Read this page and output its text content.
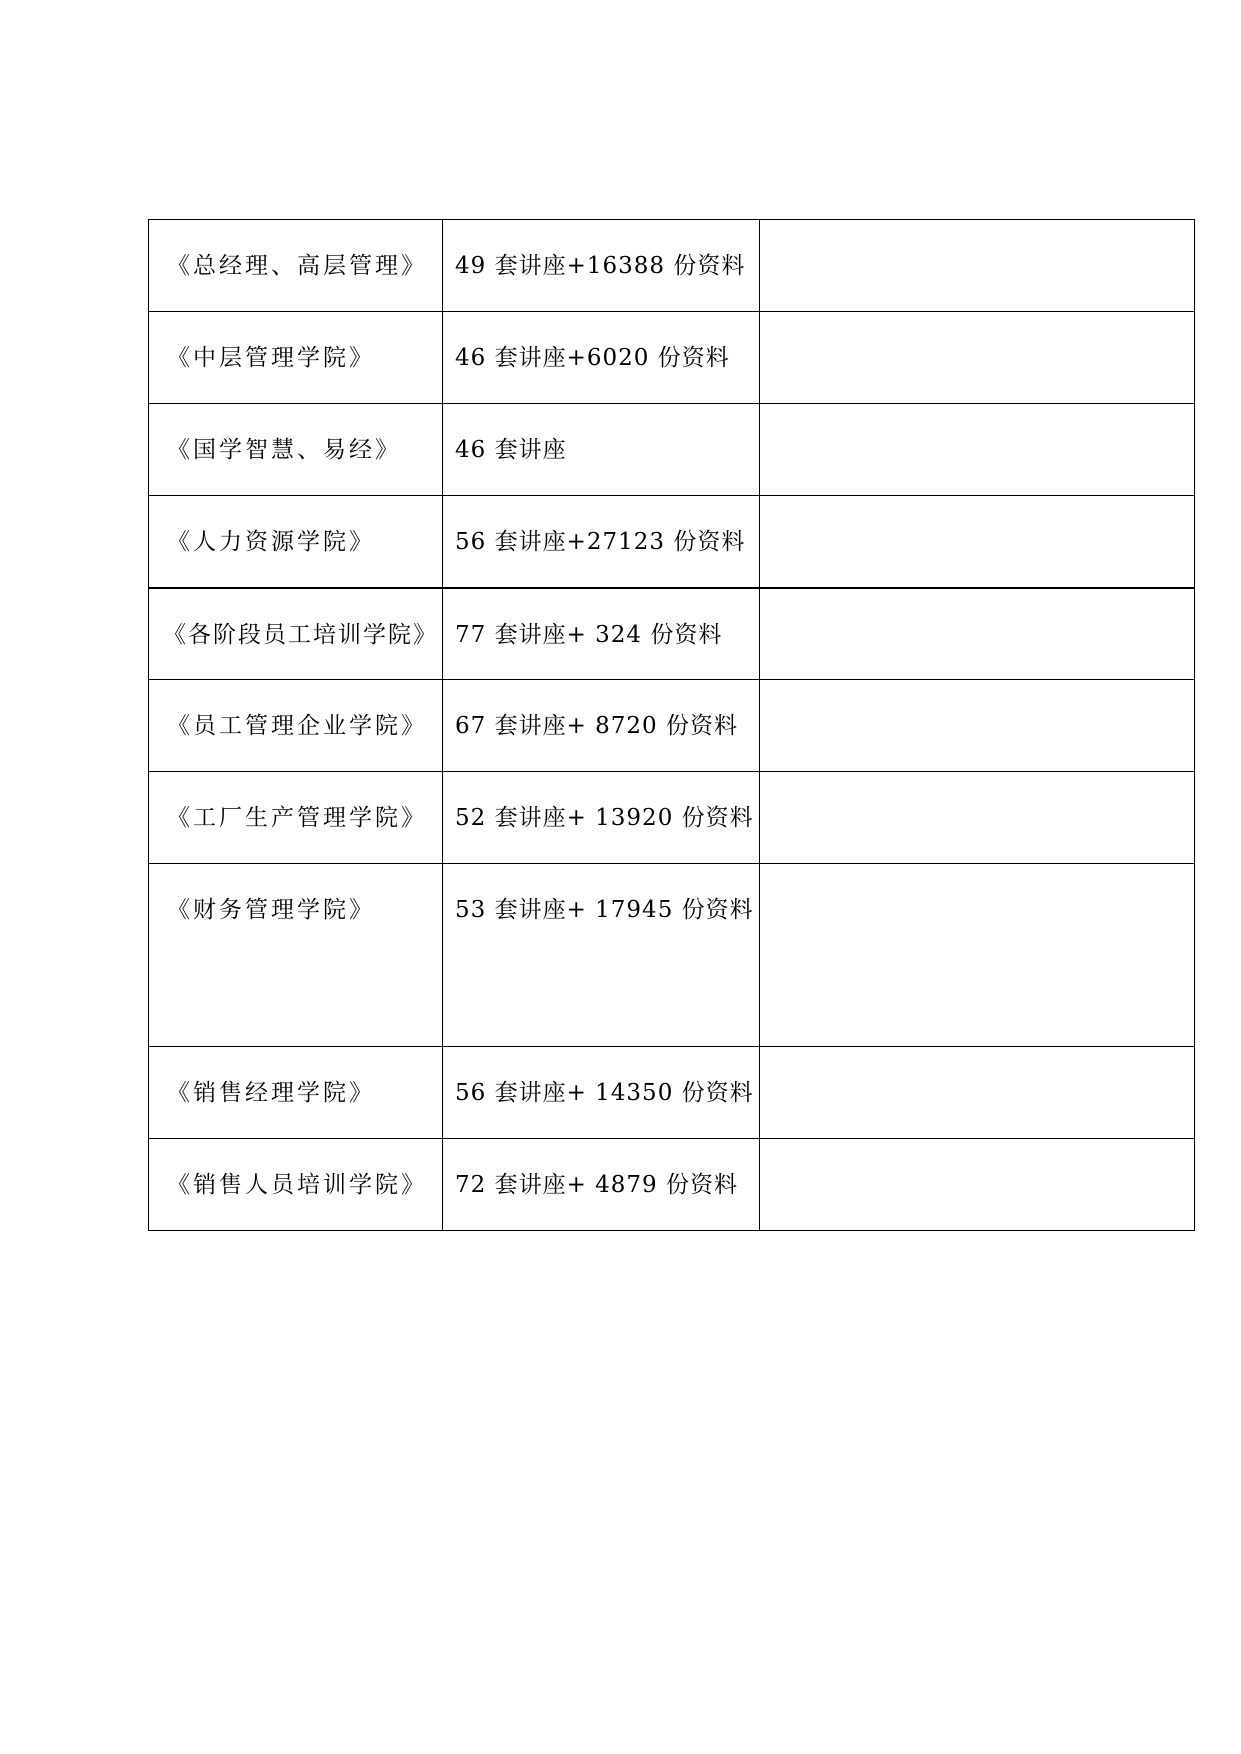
《总经理、高层管理》	49 套讲座+16388 份资料	
《中层管理学院》	46 套讲座+6020 份资料	
《国学智慧、易经》	46 套讲座	
《人力资源学院》	56 套讲座+27123 份资料	
《各阶段员工培训学院》	77 套讲座+ 324 份资料	
《员工管理企业学院》	67 套讲座+ 8720 份资料	
《工厂生产管理学院》	52 套讲座+ 13920 份资料	
《财务管理学院》	53 套讲座+ 17945 份资料	
《销售经理学院》	56 套讲座+ 14350 份资料	
《销售人员培训学院》	72 套讲座+ 4879 份资料	
